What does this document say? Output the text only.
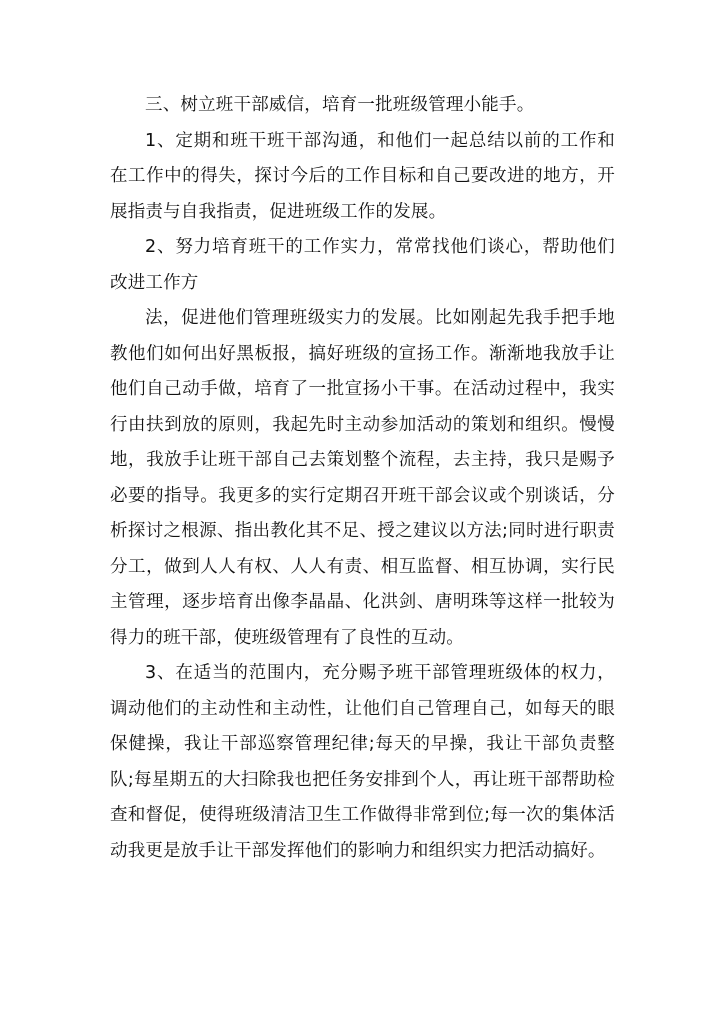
三、树立班干部威信，培育一批班级管理小能手。

1、定期和班干班干部沟通，和他们一起总结以前的工作和在工作中的得失，探讨今后的工作目标和自己要改进的地方，开展指责与自我指责，促进班级工作的发展。

2、努力培育班干的工作实力，常常找他们谈心，帮助他们改进工作方

法，促进他们管理班级实力的发展。比如刚起先我手把手地教他们如何出好黑板报，搞好班级的宣扬工作。渐渐地我放手让他们自己动手做，培育了一批宣扬小干事。在活动过程中，我实行由扶到放的原则，我起先时主动参加活动的策划和组织。慢慢地，我放手让班干部自己去策划整个流程，去主持，我只是赐予必要的指导。我更多的实行定期召开班干部会议或个别谈话，分析探讨之根源、指出教化其不足、授之建议以方法;同时进行职责分工，做到人人有权、人人有责、相互监督、相互协调，实行民主管理，逐步培育出像李晶晶、化洪剑、唐明珠等这样一批较为得力的班干部，使班级管理有了良性的互动。

3、在适当的范围内，充分赐予班干部管理班级体的权力，调动他们的主动性和主动性，让他们自己管理自己，如每天的眼保健操，我让干部巡察管理纪律;每天的早操，我让干部负责整队;每星期五的大扫除我也把任务安排到个人，再让班干部帮助检查和督促，使得班级清洁卫生工作做得非常到位;每一次的集体活动我更是放手让干部发挥他们的影响力和组织实力把活动搞好。
